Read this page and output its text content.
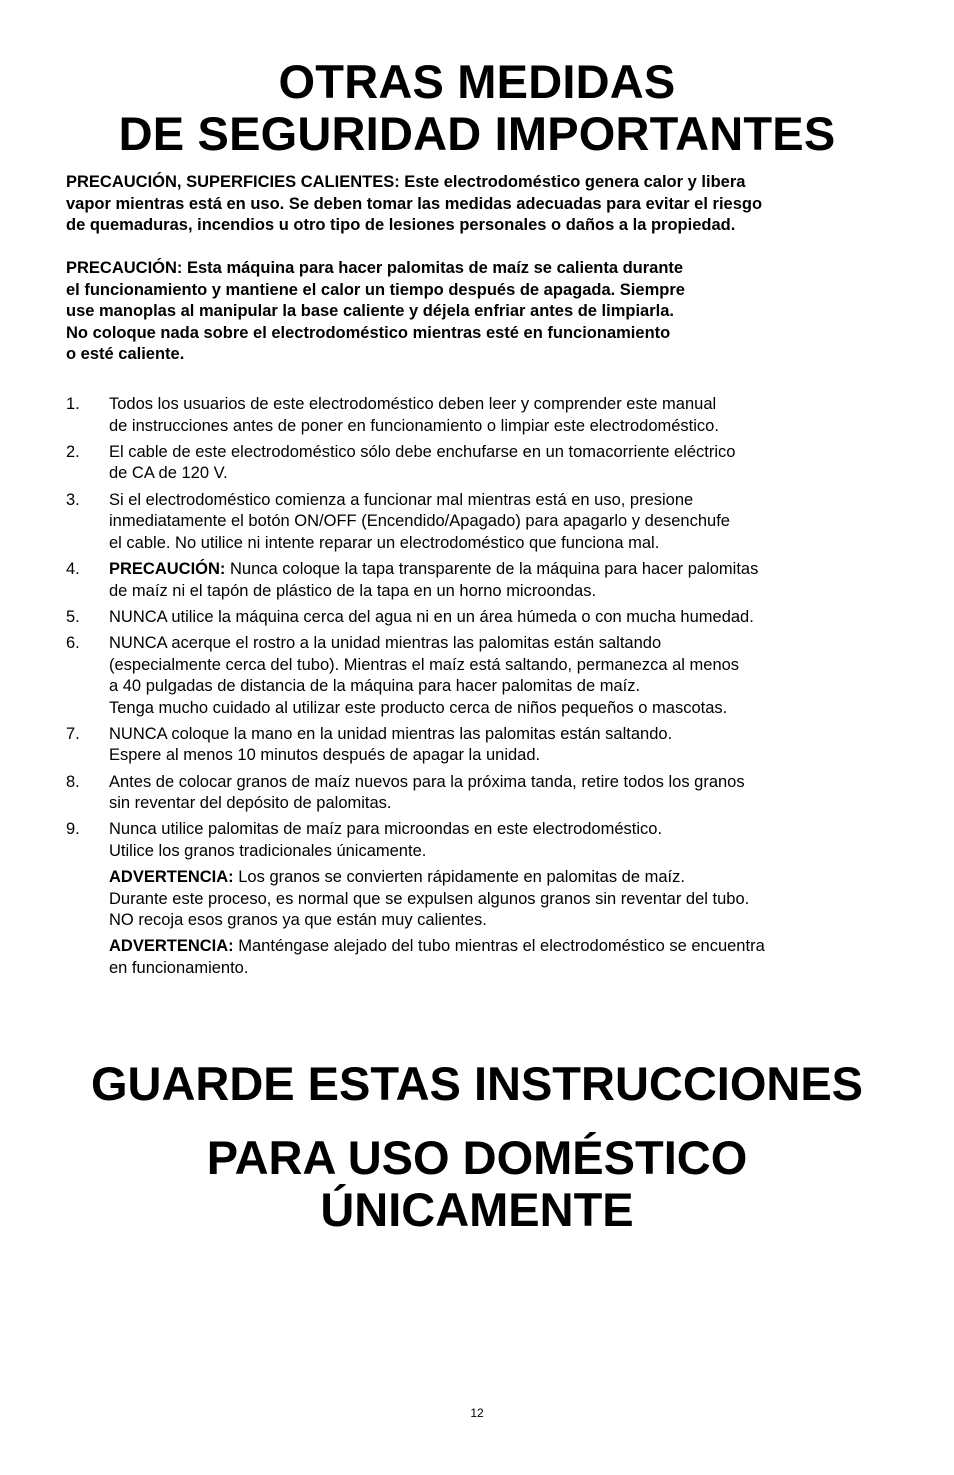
OTRAS MEDIDAS
DE SEGURIDAD IMPORTANTES
PRECAUCIÓN, SUPERFICIES CALIENTES: Este electrodoméstico genera calor y libera
vapor mientras está en uso. Se deben tomar las medidas adecuadas para evitar el riesgo
de quemaduras, incendios u otro tipo de lesiones personales o daños a la propiedad.
PRECAUCIÓN: Esta máquina para hacer palomitas de maíz se calienta durante
el funcionamiento y mantiene el calor un tiempo después de apagada. Siempre
use manoplas al manipular la base caliente y déjela enfriar antes de limpiarla.
No coloque nada sobre el electrodoméstico mientras esté en funcionamiento
o esté caliente.
1. Todos los usuarios de este electrodoméstico deben leer y comprender este manual
de instrucciones antes de poner en funcionamiento o limpiar este electrodoméstico.
2. El cable de este electrodoméstico sólo debe enchufarse en un tomacorriente eléctrico
de CA de 120 V.
3. Si el electrodoméstico comienza a funcionar mal mientras está en uso, presione
inmediatamente el botón ON/OFF (Encendido/Apagado) para apagarlo y desenchufe
el cable. No utilice ni intente reparar un electrodoméstico que funciona mal.
4. PRECAUCIÓN: Nunca coloque la tapa transparente de la máquina para hacer palomitas
de maíz ni el tapón de plástico de la tapa en un horno microondas.
5. NUNCA utilice la máquina cerca del agua ni en un área húmeda o con mucha humedad.
6. NUNCA acerque el rostro a la unidad mientras las palomitas están saltando
(especialmente cerca del tubo). Mientras el maíz está saltando, permanezca al menos
a 40 pulgadas de distancia de la máquina para hacer palomitas de maíz.
Tenga mucho cuidado al utilizar este producto cerca de niños pequeños o mascotas.
7. NUNCA coloque la mano en la unidad mientras las palomitas están saltando.
Espere al menos 10 minutos después de apagar la unidad.
8. Antes de colocar granos de maíz nuevos para la próxima tanda, retire todos los granos
sin reventar del depósito de palomitas.
9. Nunca utilice palomitas de maíz para microondas en este electrodoméstico.
Utilice los granos tradicionales únicamente.
ADVERTENCIA: Los granos se convierten rápidamente en palomitas de maíz.
Durante este proceso, es normal que se expulsen algunos granos sin reventar del tubo.
NO recoja esos granos ya que están muy calientes.
ADVERTENCIA: Manténgase alejado del tubo mientras el electrodoméstico se encuentra
en funcionamiento.
GUARDE ESTAS INSTRUCCIONES
PARA USO DOMÉSTICO
ÚNICAMENTE
12
